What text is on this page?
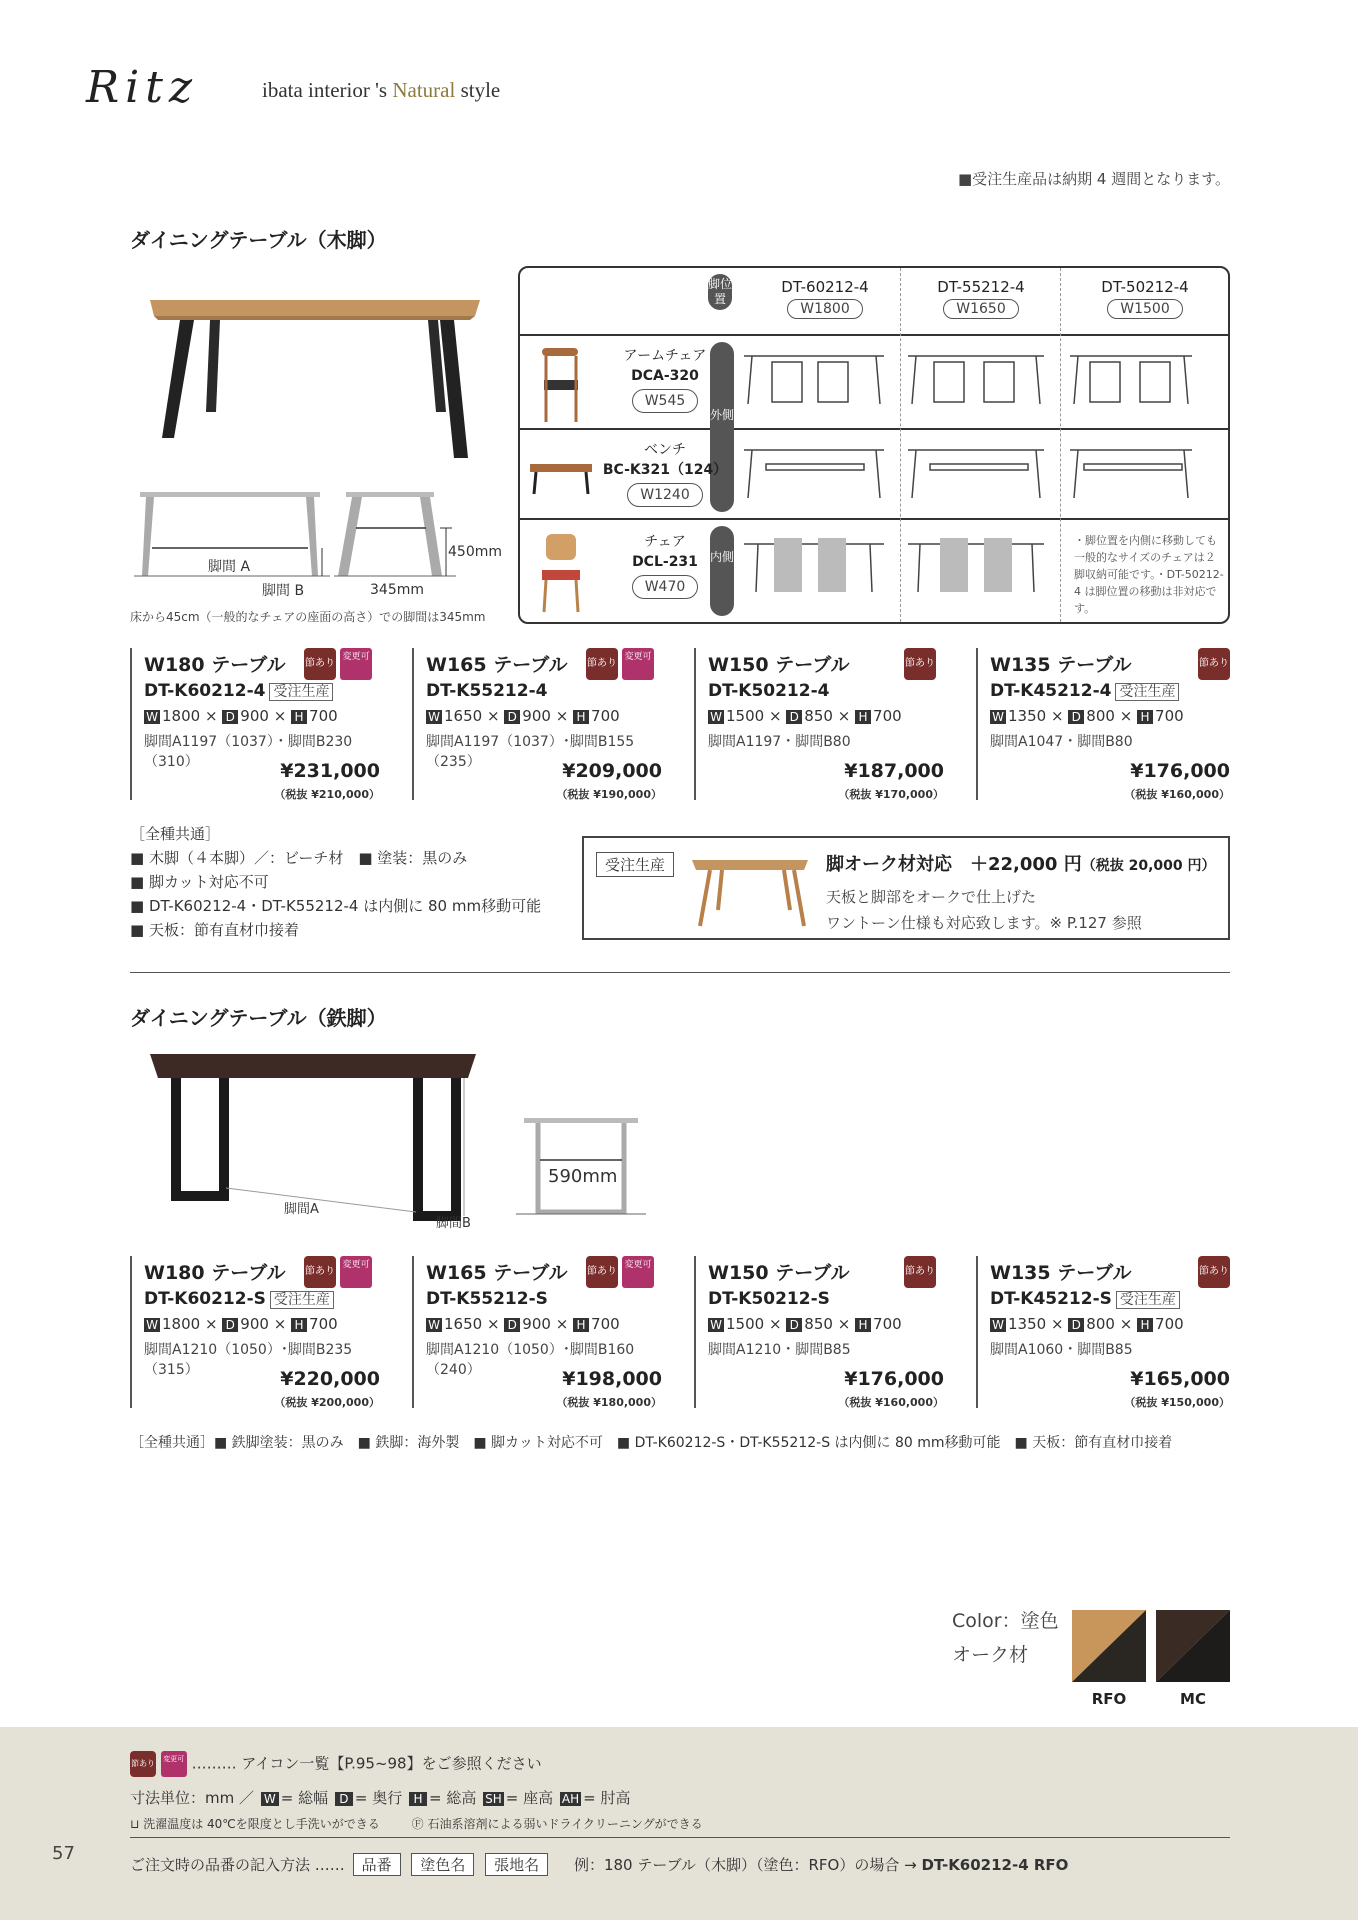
Ritz	ibata interior 's Natural style
■受注生産品は納期 4 週間となります。
ダイニングテーブル（木脚）
脚間 A
脚間 B
450mm
345mm
床から45cm（一般的なチェアの座面の高さ）での脚間は345mm
脚位置
外側
内側
DT-60212-4
W1800
DT-55212-4
W1650
DT-50212-4
W1500
アームチェア
DCA-320
W545
ベンチ
BC-K321（124）
W1240
チェア
DCL-231
W470
・脚位置を内側に移動しても一般的なサイズのチェアは２脚収納可能です。・DT-50212-4 は脚位置の移動は非対応です。
節あり
変更可
W180 テーブル
DT-K60212-4 受注生産
W 1800 × D 900 × H 700
脚間A1197（1037）・脚間B230（310）	¥231,000
（税抜 ¥210,000）
節あり
変更可
W165 テーブル
DT-K55212-4
W 1650 × D 900 × H 700
脚間A1197（1037）･脚間B155（235）	¥209,000
（税抜 ¥190,000）
節あり
W150 テーブル
DT-K50212-4
W 1500 × D 850 × H 700
脚間A1197・脚間B80
¥187,000
（税抜 ¥170,000）
節あり
W135 テーブル
DT-K45212-4 受注生産
W 1350 × D 800 × H 700
脚間A1047・脚間B80
¥176,000
（税抜 ¥160,000）
［全種共通］
■ 木脚（４本脚）／：ビーチ材　■ 塗装：黒のみ
■ 脚カット対応不可
■ DT-K60212-4・DT-K55212-4 は内側に 80 mm移動可能
■ 天板：節有直材巾接着
受注生産	脚オーク材対応　＋22,000 円（税抜 20,000 円）
天板と脚部をオークで仕上げた
ワントーン仕様も対応致します。※ P.127 参照
ダイニングテーブル（鉄脚）
脚間A
脚間B
590mm
節あり
変更可
W180 テーブル
DT-K60212-S 受注生産
W 1800 × D 900 × H 700
脚間A1210（1050）･脚間B235（315）	¥220,000
（税抜 ¥200,000）
節あり
変更可
W165 テーブル
DT-K55212-S
W 1650 × D 900 × H 700
脚間A1210（1050）･脚間B160（240）	¥198,000
（税抜 ¥180,000）
節あり
W150 テーブル
DT-K50212-S
W 1500 × D 850 × H 700
脚間A1210・脚間B85
¥176,000
（税抜 ¥160,000）
節あり
W135 テーブル
DT-K45212-S 受注生産
W 1350 × D 800 × H 700
脚間A1060・脚間B85
¥165,000
（税抜 ¥150,000）
［全種共通］■ 鉄脚塗装：黒のみ　■ 鉄脚：海外製　■ 脚カット対応不可　■ DT-K60212-S・DT-K55212-S は内側に 80 mm移動可能　■ 天板：節有直材巾接着
Color：塗色
オーク材
RFO	MC
節あり 変更可 ……… アイコン一覧【P.95~98】をご参照ください
寸法単位：mm ／ W = 総幅 D = 奥行 H = 総高 SH = 座高 AH = 肘高
⊔ 洗濯温度は 40℃を限度とし手洗いができる	Ⓕ 石油系溶剤による弱いドライクリーニングができる
ご注文時の品番の記入方法 …… 品番 塗色名 張地名 例：180 テーブル（木脚）（塗色：RFO）の場合 → DT-K60212-4 RFO
57
